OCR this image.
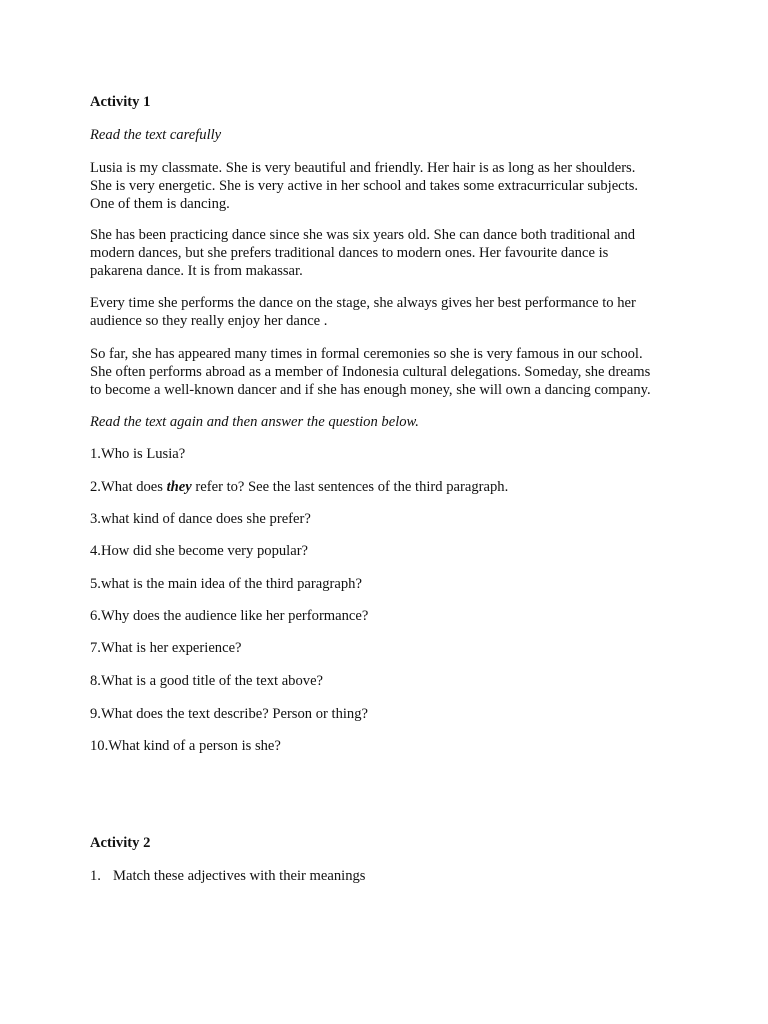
Activity 1
Read the text carefully
Lusia is my classmate. She is very beautiful and friendly. Her hair is as long as her shoulders.
She is very energetic. She is very active in her school and takes some extracurricular subjects.
One of them is dancing.
She has been practicing dance since she was six years old. She can dance both traditional and
modern dances, but she prefers traditional dances to modern ones. Her favourite dance is
pakarena dance. It is from makassar.
Every time she performs the dance on the stage, she always gives her best performance to her
audience so they really enjoy her dance .
So far, she has appeared many times in formal ceremonies so she is very famous in our school.
She often performs abroad as a member of Indonesia cultural delegations. Someday, she dreams
to become a well-known dancer and if she has enough money, she will own a dancing company.
Read the text again and then answer the question below.
1.Who is Lusia?
2.What does they refer to? See the last sentences of the third paragraph.
3.what kind of dance does she prefer?
4.How did she become very popular?
5.what is the main idea of the third paragraph?
6.Why does the audience like her performance?
7.What is her experience?
8.What is a good title of the text above?
9.What does the text describe? Person or thing?
10.What kind of a person is she?
Activity 2
1. Match these adjectives with their meanings
